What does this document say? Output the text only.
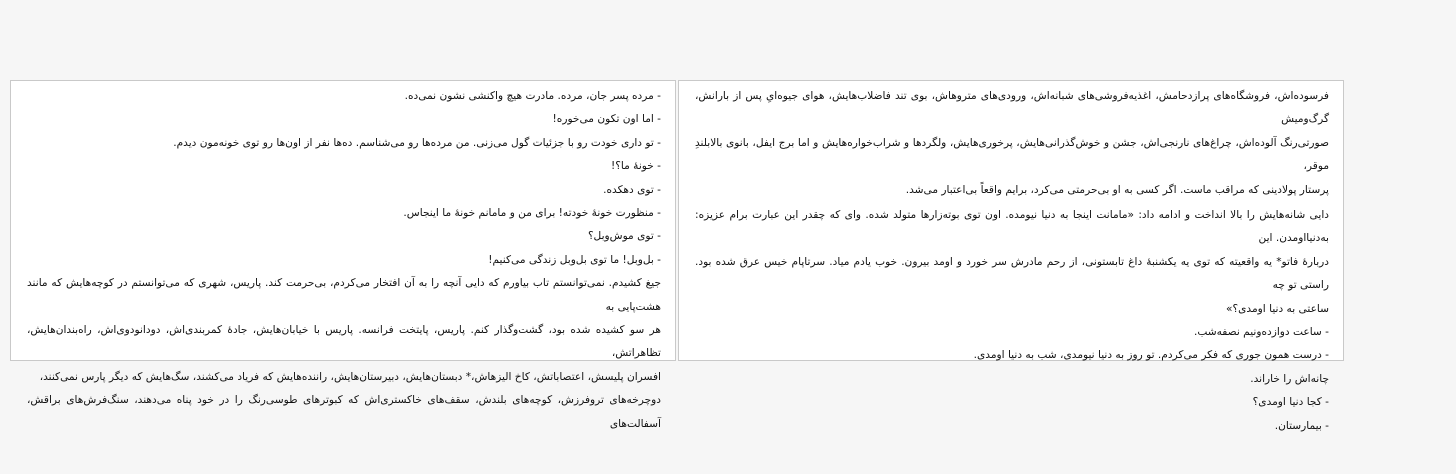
- مرده پسر جان، مرده. مادرت هیچ واکنشی نشون نمی‌ده.

- اما اون تکون می‌خوره!

- تو داری خودت رو با جزئیات گول می‌زنی. من مرده‌ها رو می‌شناسم. ده‌ها نفر از اون‌ها رو توی خونه‌مون دیدم.

- خونهٔ ما؟!

- توی دهکده.

- منظورت خونهٔ خودته! برای من و مامانم خونهٔ ما اینجاس.

- توی موش‌وبل؟

- بل‌وبل! ما توی بل‌وبل زندگی می‌کنیم!

جیغ کشیدم. نمی‌توانستم تاب بیاورم که دایی آنچه را به آن افتخار می‌کردم، بی‌حرمت کند. پاریس، شهری که می‌توانستم در کوچه‌هایش که مانند هشت‌پایی به

هر سو کشیده شده بود، گشت‌وگذار کنم. پاریس، پایتخت فرانسه. پاریس با خیابان‌هایش، جادهٔ کمربندی‌اش، دودانودوی‌اش، راه‌بندان‌هایش، تظاهراتش،

افسران پلیسش، اعتصاباتش، کاخ الیزهاش،* دبستان‌هایش، دبیرستان‌هایش، راننده‌هایش که فریاد می‌کشند، سگ‌هایش که دیگر پارس نمی‌کنند،

دوچرخه‌های تروفرزش، کوچه‌های بلندش، سقف‌های خاکستری‌اش که کبوترهای طوسی‌رنگ را در خود پناه می‌دهند، سنگ‌فرش‌های براقش، آسفالت‌های

فرسوده‌اش، فروشگاه‌های پرازدحامش، اغذیه‌فروشی‌های شبانه‌اش، ورودی‌های متروهاش، بوی تند فاضلاب‌هایش، هوای جیوه‌ایِ پس از بارانش، گرگ‌ومیش

صورتی‌رنگ آلوده‌اش، چراغ‌های نارنجی‌اش، جشن و خوش‌گذرانی‌هایش، پرخوری‌هایش، ولگردها و شراب‌خواره‌هایش و اما برج ایفل، بانوی بالابلندِ موقر،

پرستار پولادینی که مراقب ماست. اگر کسی به او بی‌حرمتی می‌کرد، برایم واقعاً بی‌اعتبار می‌شد.

دایی شانه‌هایش را بالا انداخت و ادامه داد: «مامانت اینجا به دنیا نیومده. اون توی بوته‌زارها متولد شده. وای که چقدر این عبارت برام عزیزه: به‌دنیااومدن. این

دربارهٔ فاتو* یه واقعیته که توی یه یکشنبهٔ داغ تابستونی، از رحم مادرش سر خورد و اومد بیرون. خوب یادم میاد. سرتاپام خیس عرق شده بود. راستی تو چه

ساعتی به دنیا اومدی؟»

- ساعت دوازده‌ونیم نصفه‌شب.

- درست همون جوری که فکر می‌کردم. تو روز به دنیا نیومدی، شب به دنیا اومدی.

چانه‌اش را خاراند.

- کجا دنیا اومدی؟

- بیمارستان.
